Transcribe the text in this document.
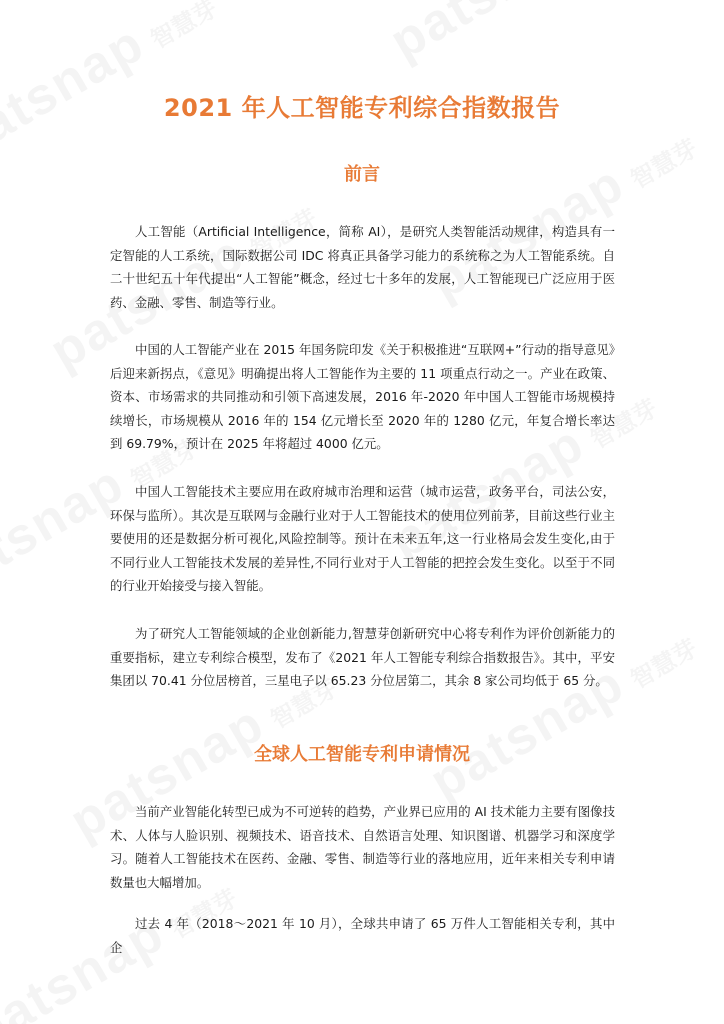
2021 年人工智能专利综合指数报告
前言

人工智能（Artificial Intelligence，简称 AI），是研究人类智能活动规律，构造具有一定智能的人工系统，国际数据公司 IDC 将真正具备学习能力的系统称之为人工智能系统。自二十世纪五十年代提出“人工智能”概念，经过七十多年的发展，人工智能现已广泛应用于医药、金融、零售、制造等行业。

中国的人工智能产业在 2015 年国务院印发《关于积极推进“互联网+”行动的指导意见》后迎来新拐点，《意见》明确提出将人工智能作为主要的 11 项重点行动之一。产业在政策、资本、市场需求的共同推动和引领下高速发展，2016 年-2020 年中国人工智能市场规模持续增长，市场规模从 2016 年的 154 亿元增长至 2020 年的 1280 亿元，年复合增长率达到 69.79%，预计在 2025 年将超过 4000 亿元。

中国人工智能技术主要应用在政府城市治理和运营（城市运营，政务平台，司法公安，环保与监所）。其次是互联网与金融行业对于人工智能技术的使用位列前茅，目前这些行业主要使用的还是数据分析可视化,风险控制等。预计在未来五年,这一行业格局会发生变化,由于不同行业人工智能技术发展的差异性,不同行业对于人工智能的把控会发生变化。以至于不同的行业开始接受与接入智能。

为了研究人工智能领域的企业创新能力,智慧芽创新研究中心将专利作为评价创新能力的重要指标，建立专利综合模型，发布了《2021 年人工智能专利综合指数报告》。其中，平安集团以 70.41 分位居榜首，三星电子以 65.23 分位居第二，其余 8 家公司均低于 65 分。

全球人工智能专利申请情况

当前产业智能化转型已成为不可逆转的趋势，产业界已应用的 AI 技术能力主要有图像技术、人体与人脸识别、视频技术、语音技术、自然语言处理、知识图谱、机器学习和深度学习。随着人工智能技术在医药、金融、零售、制造等行业的落地应用，近年来相关专利申请数量也大幅增加。

过去 4 年（2018～2021 年 10 月），全球共申请了 65 万件人工智能相关专利，其中企
